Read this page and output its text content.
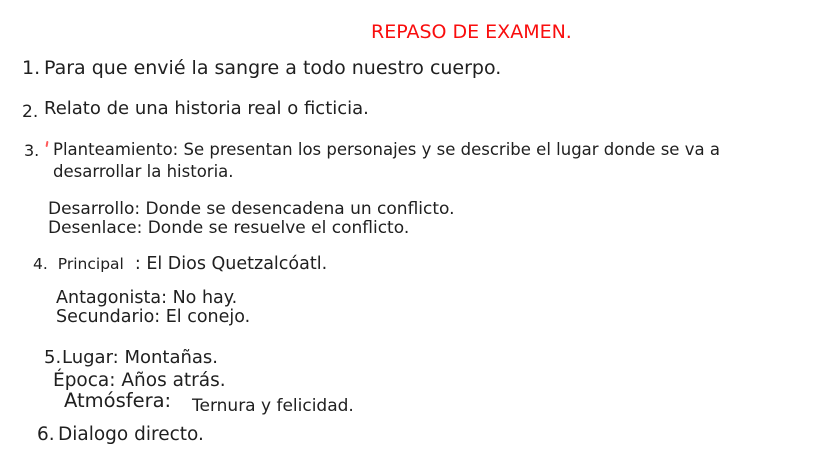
REPASO DE EXAMEN.
1. Para que envié la sangre a todo nuestro cuerpo.
2. Relato de una historia real o ficticia.
3. Planteamiento: Se presentan los personajes y se describe el lugar donde se va a
desarrollar la historia.
Desarrollo: Donde se desencadena un conflicto.
Desenlace: Donde se resuelve el conflicto.
4. Principal : El Dios Quetzalcóatl.
Antagonista: No hay.
Secundario: El conejo.
5. Lugar: Montañas.
Época: Años atrás.
Atmósfera: Ternura y felicidad.
6. Dialogo directo.
